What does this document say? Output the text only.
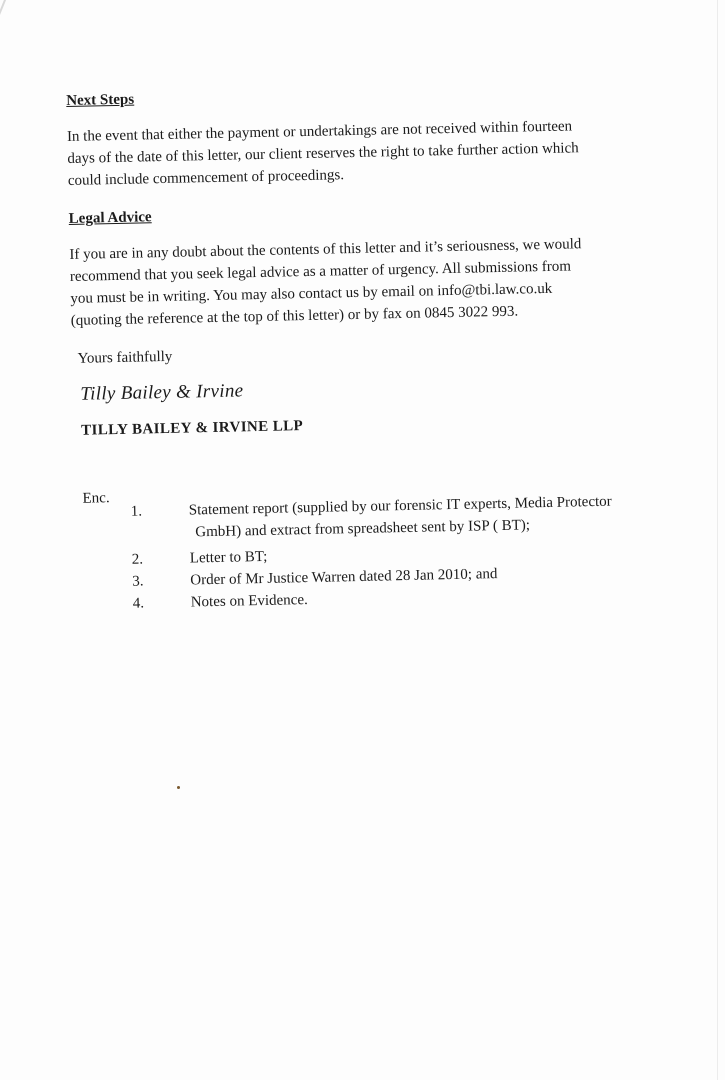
Next Steps

In the event that either the payment or undertakings are not received within fourteen

days of the date of this letter, our client reserves the right to take further action which

could include commencement of proceedings.

Legal Advice

If you are in any doubt about the contents of this letter and it’s seriousness, we would

recommend that you seek legal advice as a matter of urgency. All submissions from

you must be in writing. You may also contact us by email on info@tbi.law.co.uk

(quoting the reference at the top of this letter) or by fax on 0845 3022 993.

Yours faithfully
Tilly Bailey & Irvine
TILLY BAILEY & IRVINE LLP
Enc.
1.	Statement report (supplied by our forensic IT experts, Media Protector
GmbH) and extract from spreadsheet sent by ISP ( BT);
2.	Letter to BT;
3.	Order of Mr Justice Warren dated 28 Jan 2010; and
4.	Notes on Evidence.
